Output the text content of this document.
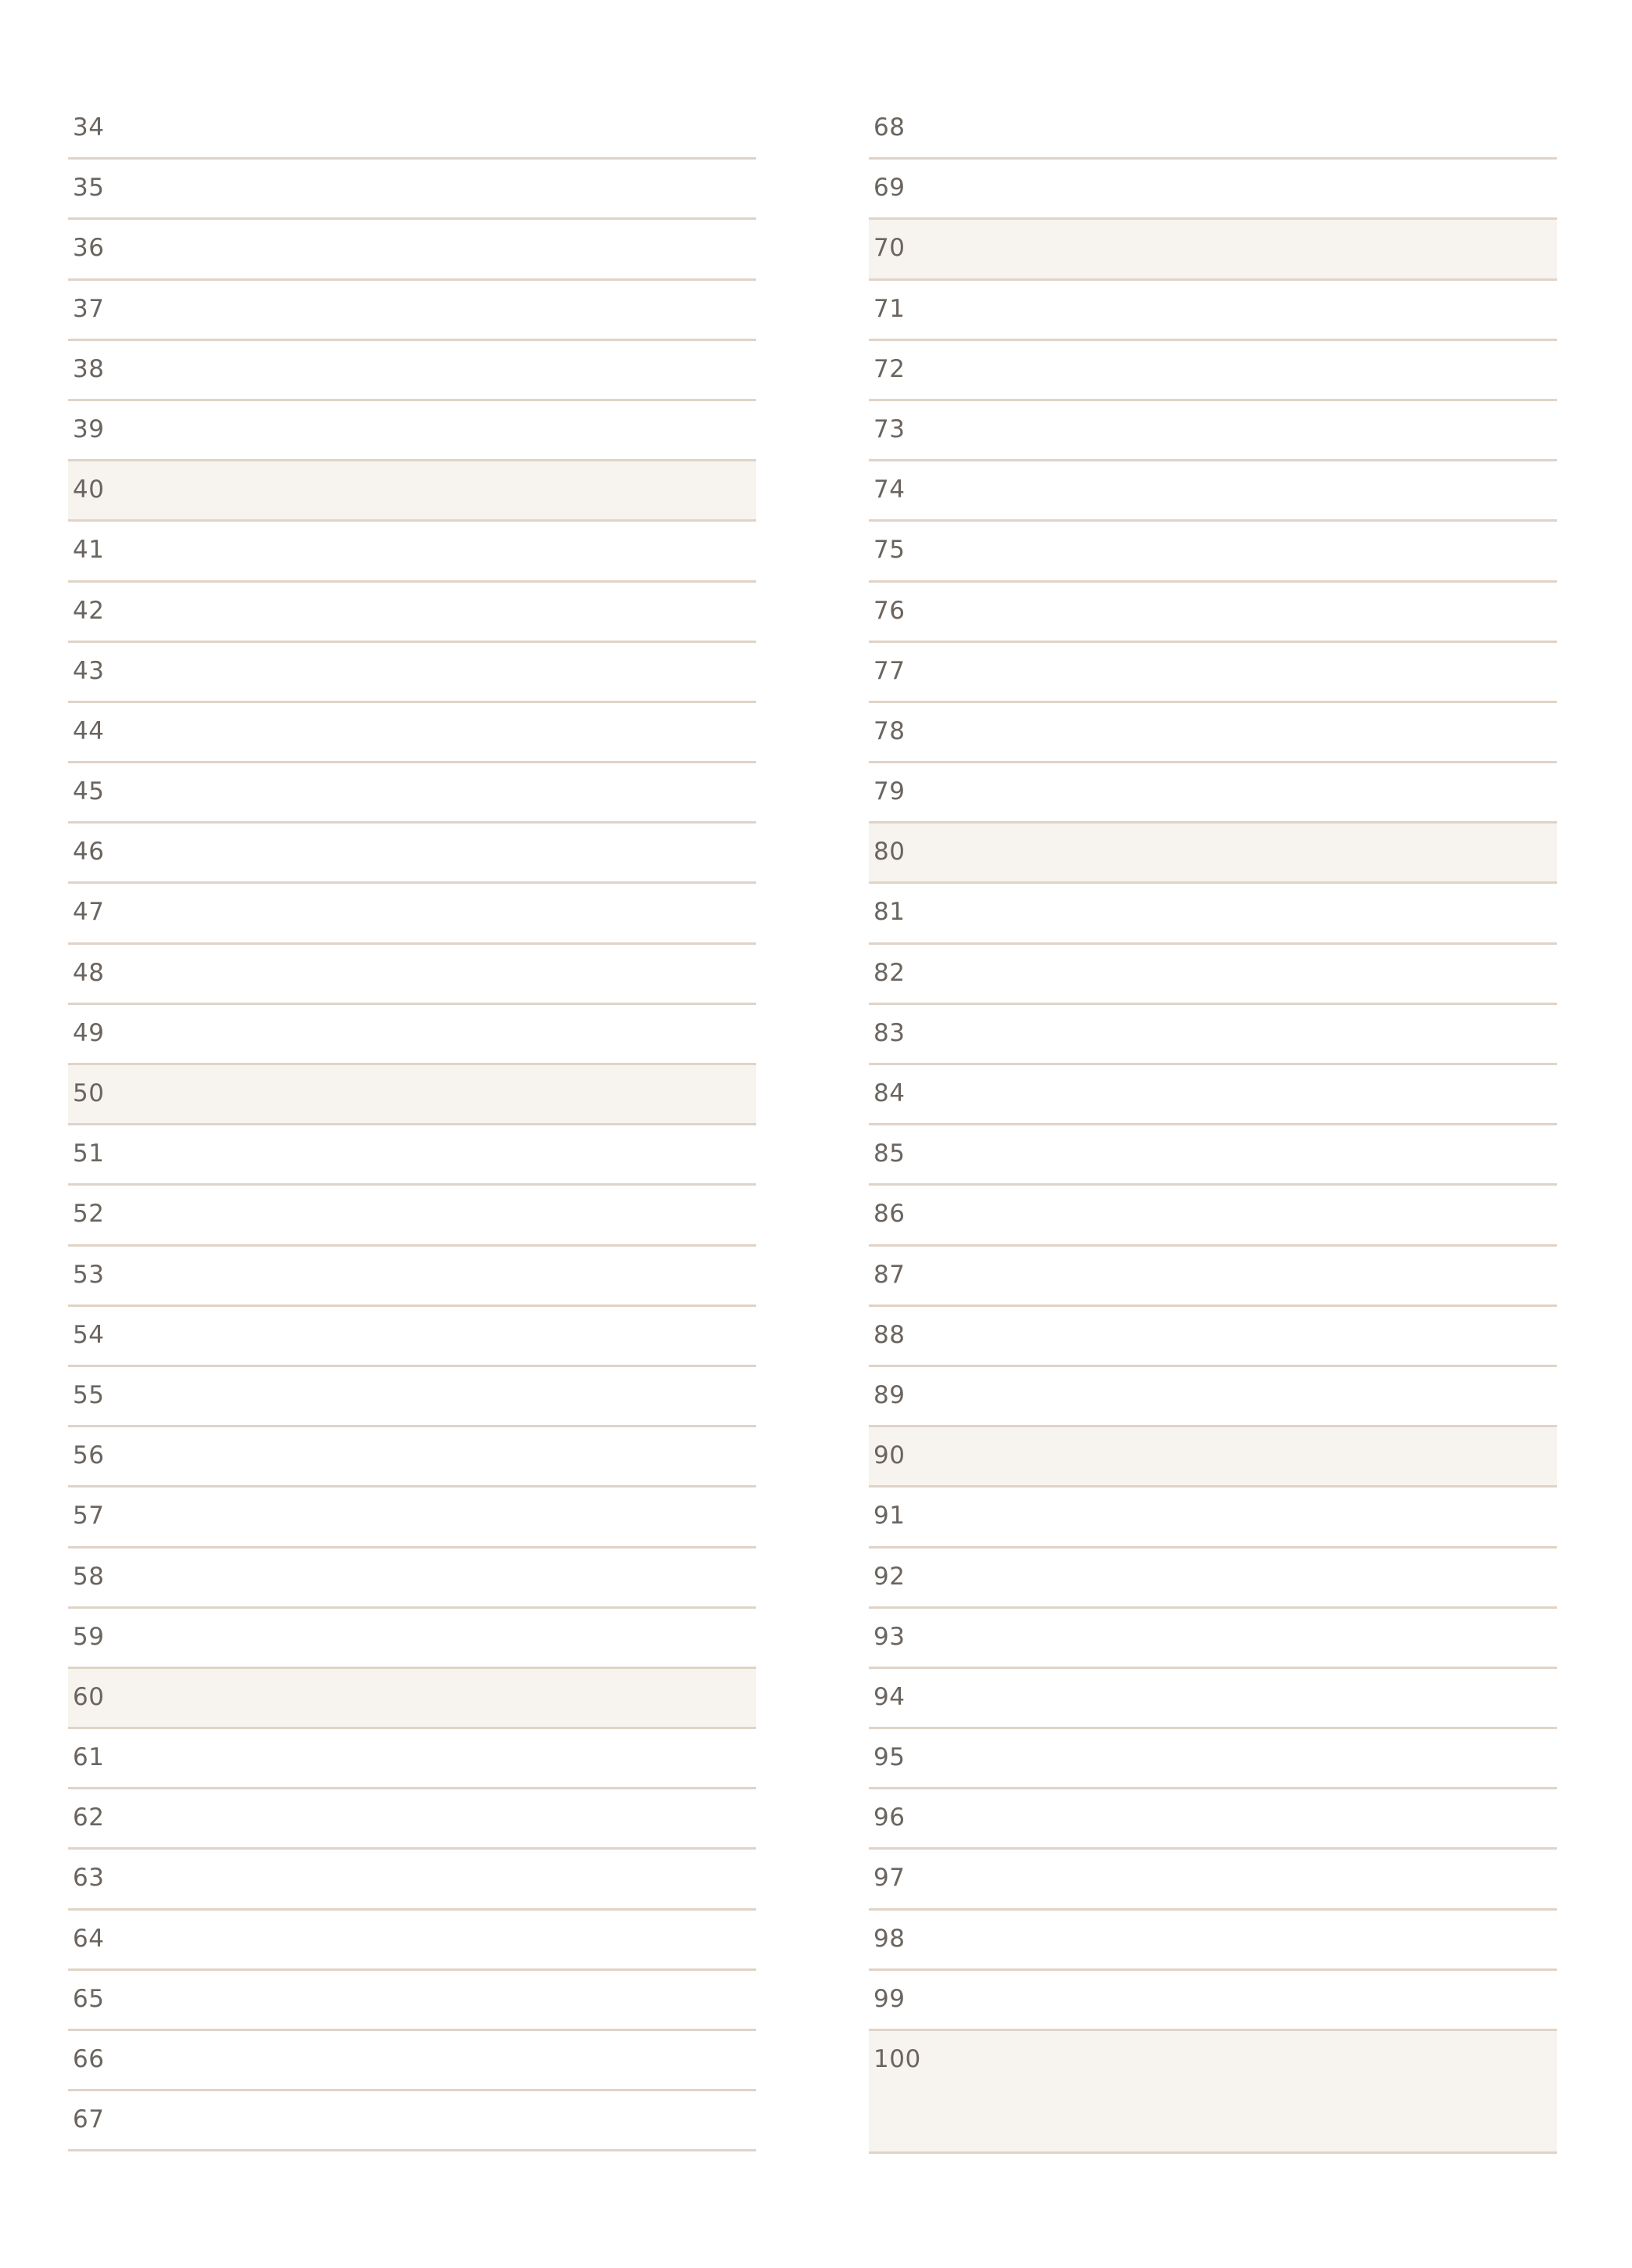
34
35
36
37
38
39
40
41
42
43
44
45
46
47
48
49
50
51
52
53
54
55
56
57
58
59
60
61
62
63
64
65
66
67
68
69
70
71
72
73
74
75
76
77
78
79
80
81
82
83
84
85
86
87
88
89
90
91
92
93
94
95
96
97
98
99
100
